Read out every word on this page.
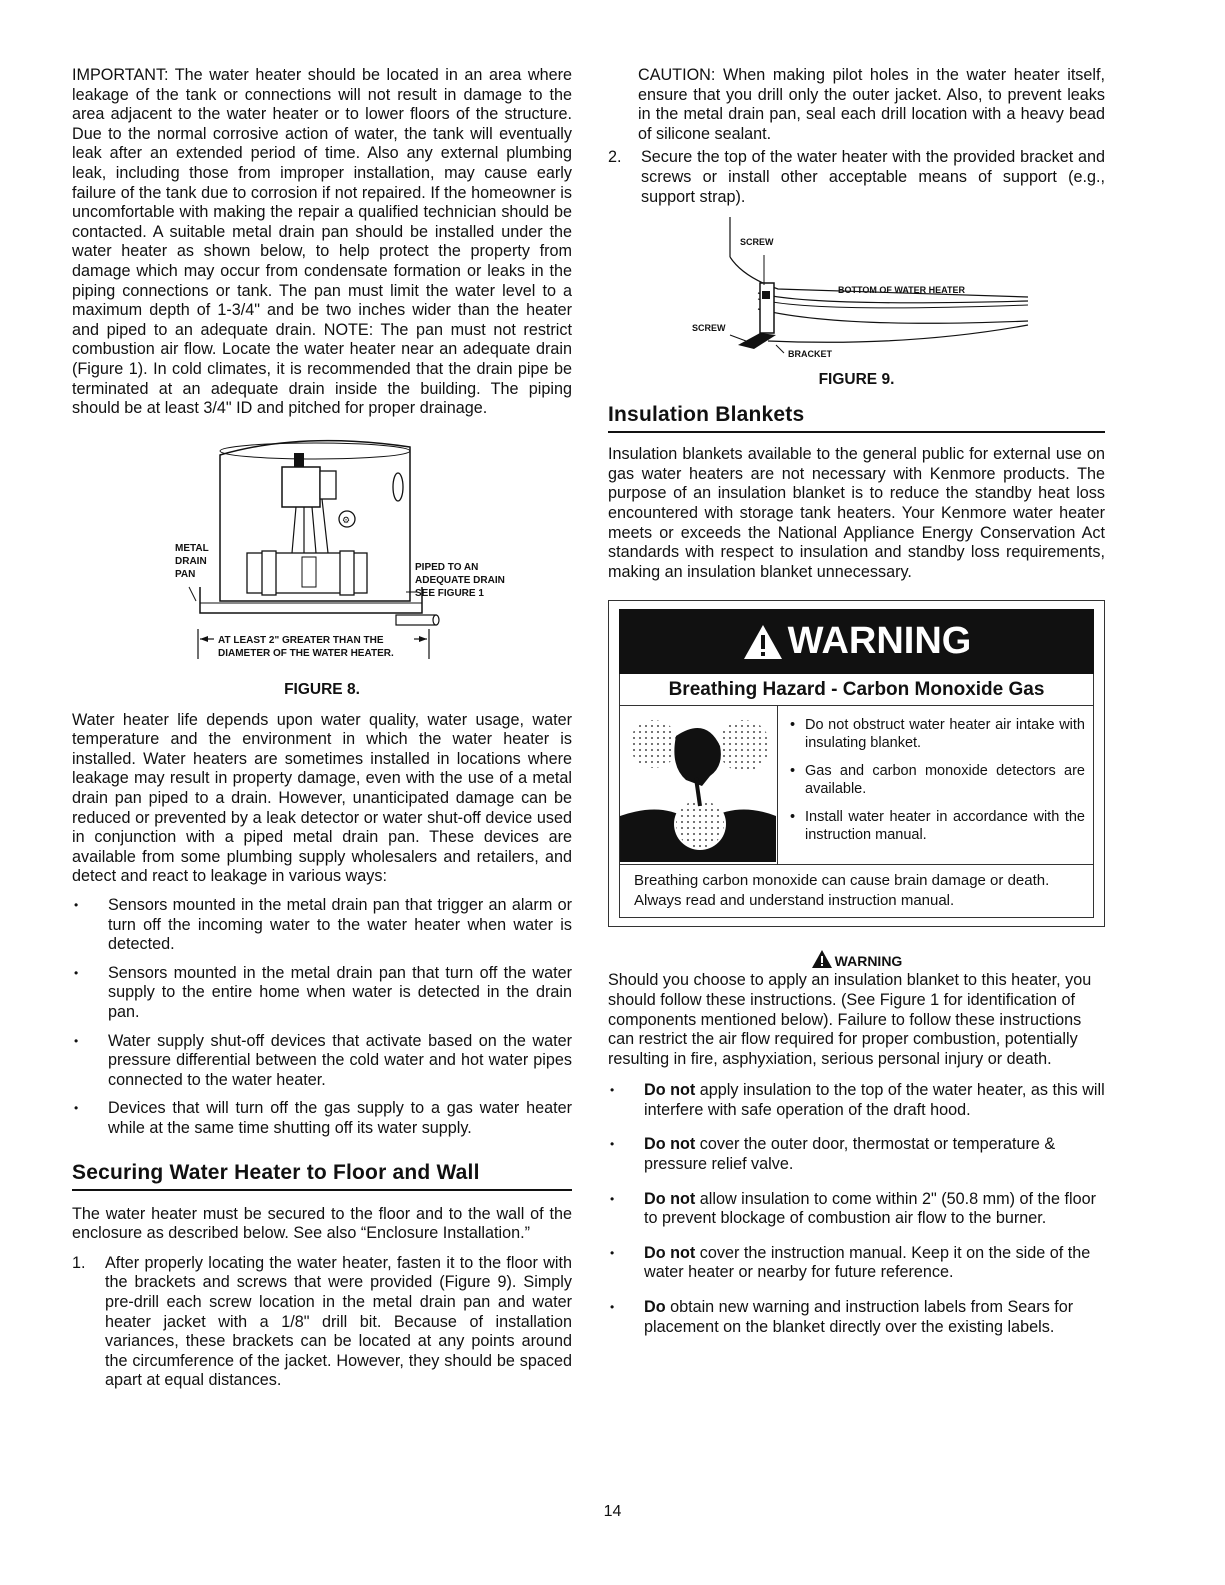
IMPORTANT: The water heater should be located in an area where leakage of the tank or connections will not result in damage to the area adjacent to the water heater or to lower floors of the structure. Due to the normal corrosive action of water, the tank will eventually leak after an extended period of time. Also any external plumbing leak, including those from improper installation, may cause early failure of the tank due to corrosion if not repaired. If the homeowner is uncomfortable with making the repair a qualified technician should be contacted. A suitable metal drain pan should be installed under the water heater as shown below, to help protect the property from damage which may occur from condensate formation or leaks in the piping connections or tank. The pan must limit the water level to a maximum depth of 1-3/4" and be two inches wider than the heater and piped to an adequate drain. NOTE: The pan must not restrict combustion air flow. Locate the water heater near an adequate drain (Figure 1). In cold climates, it is recommended that the drain pipe be terminated at an adequate drain inside the building. The piping should be at least 3/4" ID and pitched for proper drainage.

⚙
METAL
DRAIN
PAN
PIPED TO AN
ADEQUATE DRAIN
SEE FIGURE 1
AT LEAST 2" GREATER THAN THE
DIAMETER OF THE WATER HEATER.
FIGURE 8.

Water heater life depends upon water quality, water usage, water temperature and the environment in which the water heater is installed. Water heaters are sometimes installed in locations where leakage may result in property damage, even with the use of a metal drain pan piped to a drain. However, unanticipated damage can be reduced or prevented by a leak detector or water shut-off device used in conjunction with a piped metal drain pan. These devices are available from some plumbing supply wholesalers and retailers, and detect and react to leakage in various ways:

• Sensors mounted in the metal drain pan that trigger an alarm or turn off the incoming water to the water heater when water is detected.
• Sensors mounted in the metal drain pan that turn off the water supply to the entire home when water is detected in the drain pan.
• Water supply shut-off devices that activate based on the water pressure differential between the cold water and hot water pipes connected to the water heater.
• Devices that will turn off the gas supply to a gas water heater while at the same time shutting off its water supply.
Securing Water Heater to Floor and Wall

The water heater must be secured to the floor and to the wall of the enclosure as described below. See also “Enclosure Installation.”

1. After properly locating the water heater, fasten it to the floor with the brackets and screws that were provided (Figure 9). Simply pre-drill each screw location in the metal drain pan and water heater jacket with a 1/8" drill bit. Because of installation variances, these brackets can be located at any points around the circumference of the jacket. However, they should be spaced apart at equal distances.

CAUTION: When making pilot holes in the water heater itself, ensure that you drill only the outer jacket. Also, to prevent leaks in the metal drain pan, seal each drill location with a heavy bead of silicone sealant.

2. Secure the top of the water heater with the provided bracket and screws or install other acceptable means of support (e.g., support strap).
SCREW
BOTTOM OF WATER HEATER
SCREW
BRACKET
FIGURE 9.
Insulation Blankets

Insulation blankets available to the general public for external use on gas water heaters are not necessary with Kenmore products. The purpose of an insulation blanket is to reduce the standby heat loss encountered with storage tank heaters. Your Kenmore water heater meets or exceeds the National Appliance Energy Conservation Act standards with respect to insulation and standby loss requirements, making an insulation blanket unnecessary.

WARNING
Breathing Hazard - Carbon Monoxide Gas
• Do not obstruct water heater air intake with insulating blanket.
• Gas and carbon monoxide detectors are available.
• Install water heater in accordance with the instruction manual.
Breathing carbon monoxide can cause brain damage or death. Always read and understand instruction manual.
WARNING

Should you choose to apply an insulation blanket to this heater, you should follow these instructions. (See Figure 1 for identification of components mentioned below). Failure to follow these instructions can restrict the air flow required for proper combustion, potentially resulting in fire, asphyxiation, serious personal injury or death.

• Do not apply insulation to the top of the water heater, as this will interfere with safe operation of the draft hood.
• Do not cover the outer door, thermostat or temperature & pressure relief valve.
• Do not allow insulation to come within 2" (50.8 mm) of the floor to prevent blockage of combustion air flow to the burner.
• Do not cover the instruction manual. Keep it on the side of the water heater or nearby for future reference.
• Do obtain new warning and instruction labels from Sears for placement on the blanket directly over the existing labels.
14
